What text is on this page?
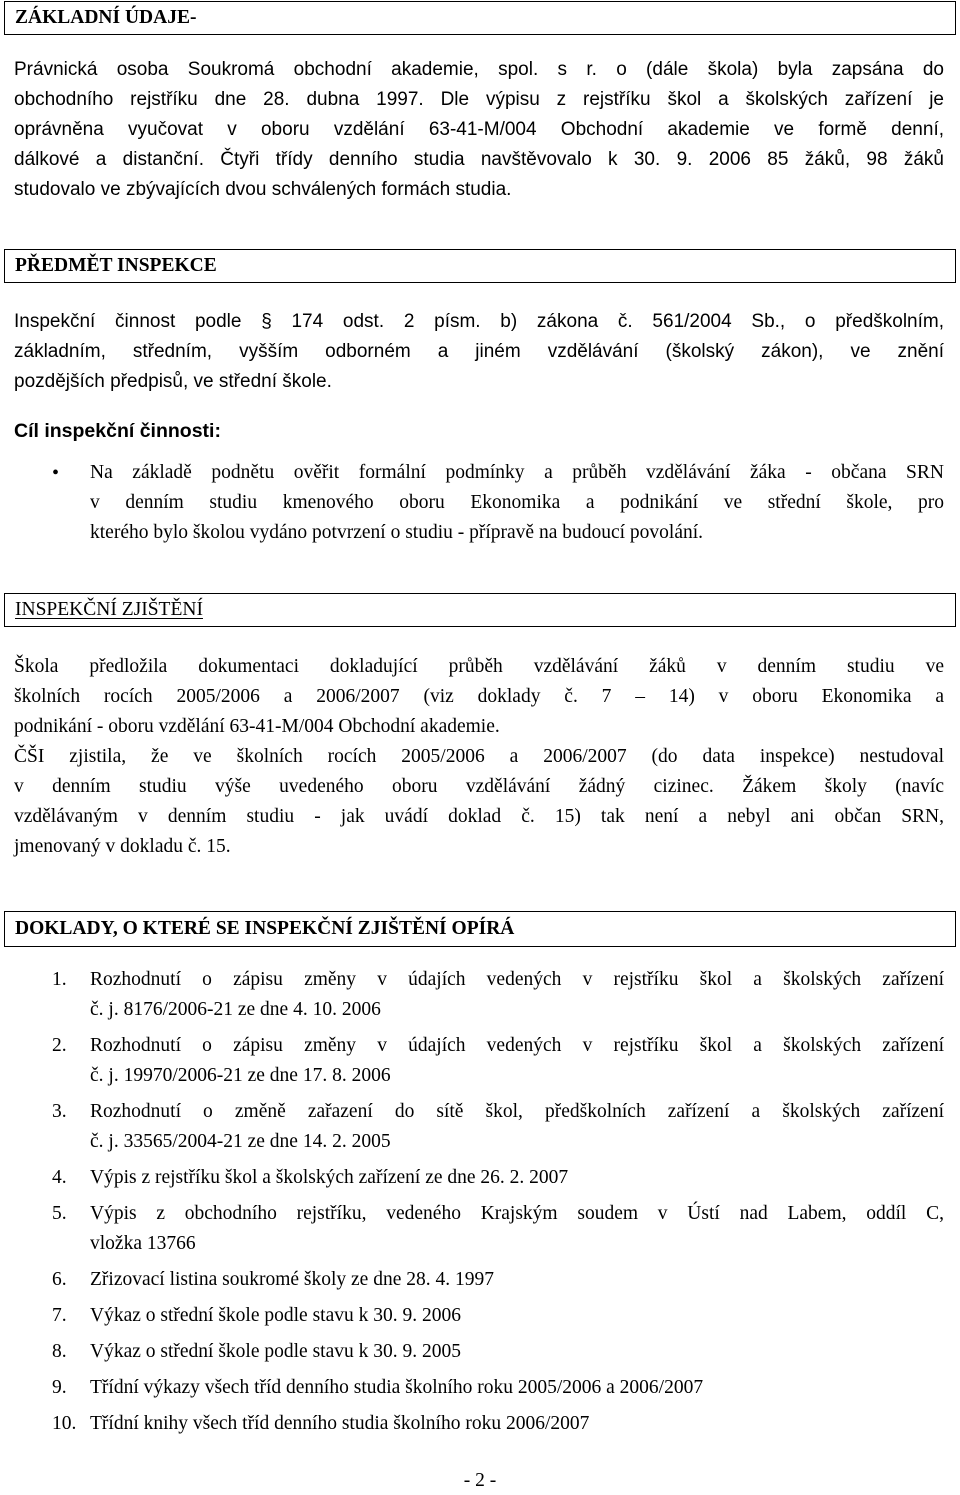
ZÁKLADNÍ ÚDAJE-
Právnická osoba Soukromá obchodní akademie, spol. s r. o (dále škola) byla zapsána do
obchodního rejstříku dne 28. dubna 1997. Dle výpisu z rejstříku škol a školských zařízení je
oprávněna vyučovat v oboru vzdělání 63-41-M/004 Obchodní akademie ve formě denní,
dálkové a distanční. Čtyři třídy denního studia navštěvovalo k 30. 9. 2006 85 žáků, 98 žáků
studovalo ve zbývajících dvou schválených formách studia.
PŘEDMĚT INSPEKCE
Inspekční činnost podle § 174 odst. 2 písm. b) zákona č. 561/2004 Sb., o předškolním,
základním, středním, vyšším odborném a jiném vzdělávání (školský zákon), ve znění
pozdějších předpisů, ve střední škole.
Cíl inspekční činnosti:
• Na základě podnětu ověřit formální podmínky a průběh vzdělávání žáka - občana SRN
v denním studiu kmenového oboru Ekonomika a podnikání ve střední škole, pro
kterého bylo školou vydáno potvrzení o studiu - přípravě na budoucí povolání.
INSPEKČNÍ ZJIŠTĚNÍ
Škola předložila dokumentaci dokladující průběh vzdělávání žáků v denním studiu ve
školních rocích 2005/2006 a 2006/2007 (viz doklady č. 7 – 14) v oboru Ekonomika a
podnikání - oboru vzdělání 63-41-M/004 Obchodní akademie.
ČŠI zjistila, že ve školních rocích 2005/2006 a 2006/2007 (do data inspekce) nestudoval
v denním studiu výše uvedeného oboru vzdělávání žádný cizinec. Žákem školy (navíc
vzdělávaným v denním studiu - jak uvádí doklad č. 15) tak není a nebyl ani občan SRN,
jmenovaný v dokladu č. 15.
DOKLADY, O KTERÉ SE INSPEKČNÍ ZJIŠTĚNÍ OPÍRÁ
1. Rozhodnutí o zápisu změny v údajích vedených v rejstříku škol a školských zařízení
č. j. 8176/2006-21 ze dne 4. 10. 2006
2. Rozhodnutí o zápisu změny v údajích vedených v rejstříku škol a školských zařízení
č. j. 19970/2006-21 ze dne 17. 8. 2006
3. Rozhodnutí o změně zařazení do sítě škol, předškolních zařízení a školských zařízení
č. j. 33565/2004-21 ze dne 14. 2. 2005
4. Výpis z rejstříku škol a školských zařízení ze dne 26. 2. 2007
5. Výpis z obchodního rejstříku, vedeného Krajským soudem v Ústí nad Labem, oddíl C,
vložka 13766
6. Zřizovací listina soukromé školy ze dne 28. 4. 1997
7. Výkaz o střední škole podle stavu k 30. 9. 2006
8. Výkaz o střední škole podle stavu k 30. 9. 2005
9. Třídní výkazy všech tříd denního studia školního roku 2005/2006 a 2006/2007
10. Třídní knihy všech tříd denního studia školního roku 2006/2007
- 2 -
